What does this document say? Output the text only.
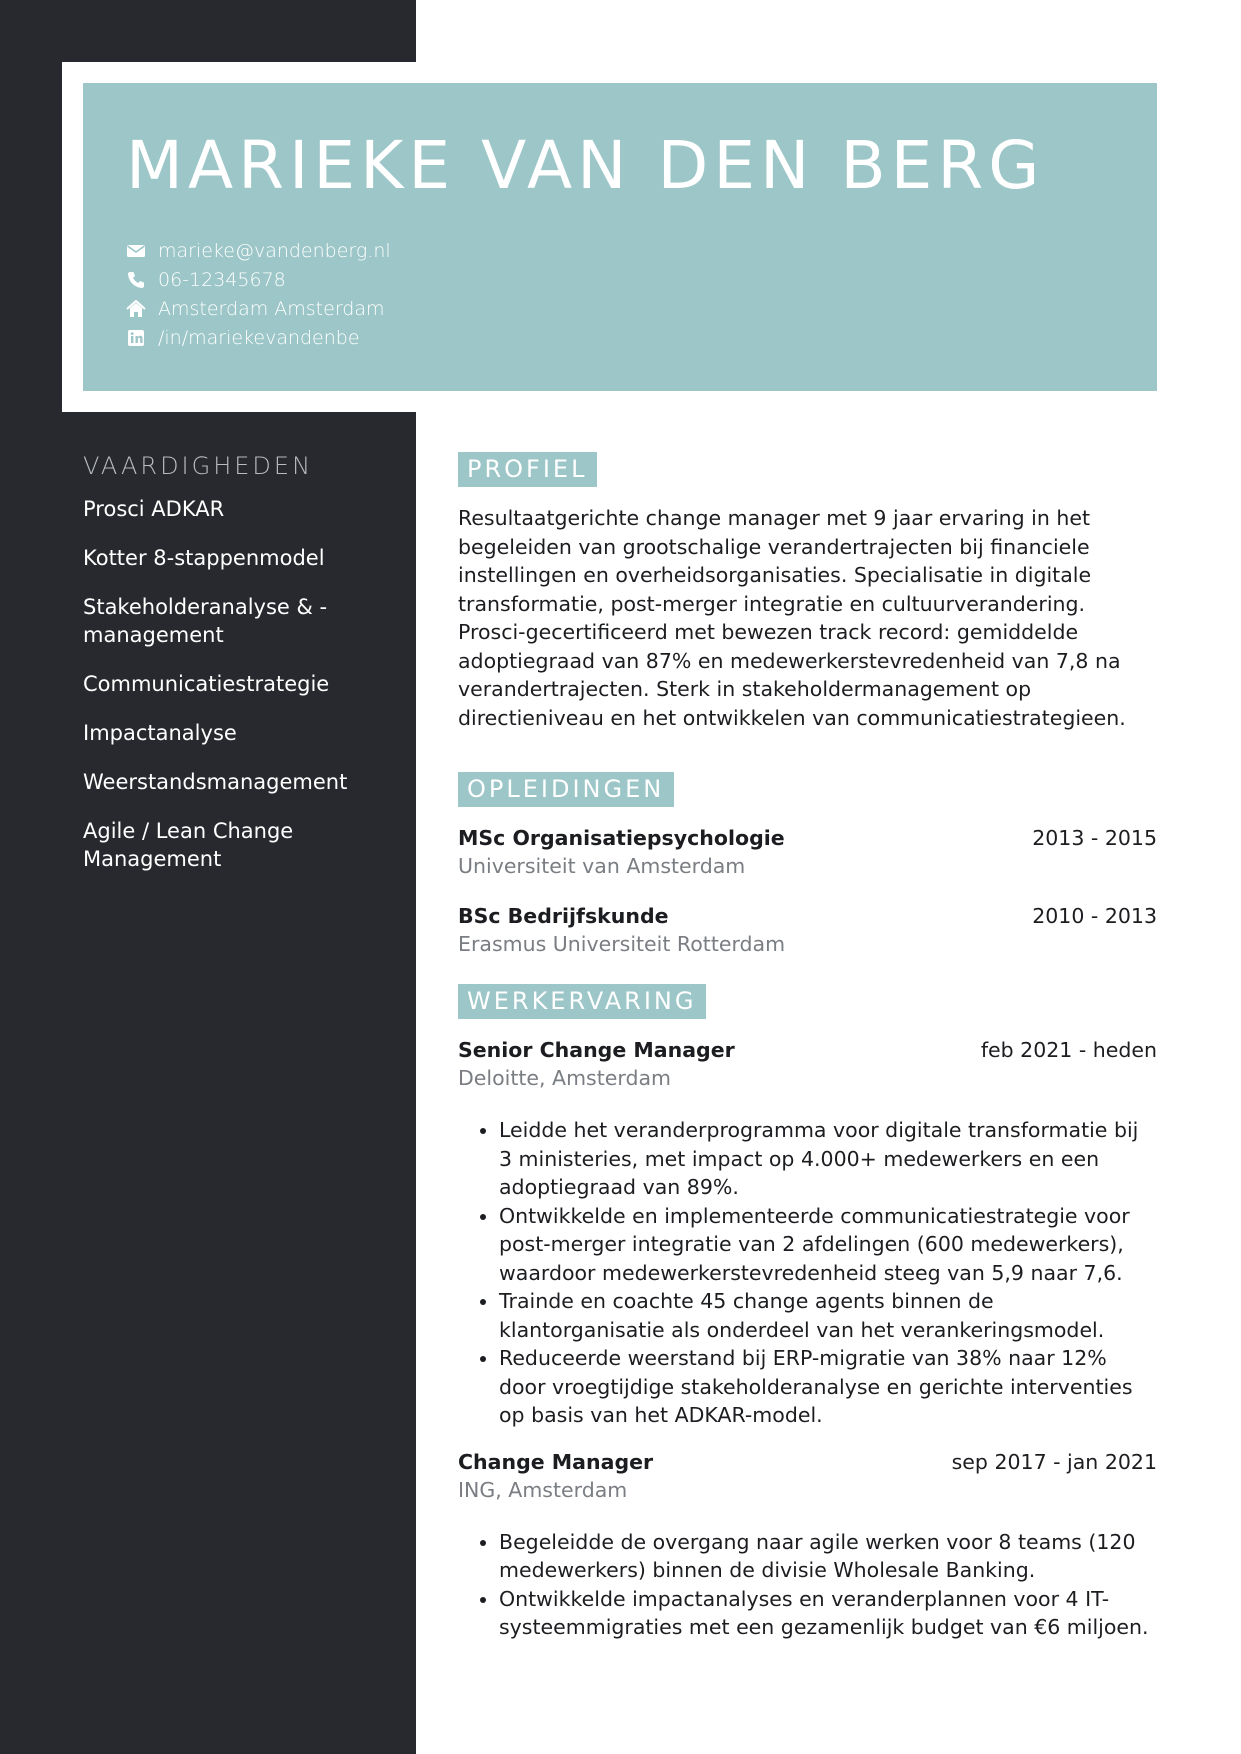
MARIEKE VAN DEN BERG
marieke@vandenberg.nl
06-12345678
Amsterdam Amsterdam
/in/mariekevandenbe
VAARDIGHEDEN
Prosci ADKAR
Kotter 8-stappenmodel
Stakeholderanalyse & -management
Communicatiestrategie
Impactanalyse
Weerstandsmanagement
Agile / Lean Change Management
PROFIEL

Resultaatgerichte change manager met 9 jaar ervaring in het begeleiden van grootschalige verandertrajecten bij financiele instellingen en overheidsorganisaties. Specialisatie in digitale transformatie, post-merger integratie en cultuurverandering. Prosci-gecertificeerd met bewezen track record: gemiddelde adoptiegraad van 87% en medewerkerstevredenheid van 7,8 na verandertrajecten. Sterk in stakeholdermanagement op directieniveau en het ontwikkelen van communicatiestrategieen.

OPLEIDINGEN
MSc Organisatiepsychologie	2013 - 2015
Universiteit van Amsterdam
BSc Bedrijfskunde	2010 - 2013
Erasmus Universiteit Rotterdam
WERKERVARING
Senior Change Manager	feb 2021 - heden
Deloitte, Amsterdam
• Leidde het veranderprogramma voor digitale transformatie bij 3 ministeries, met impact op 4.000+ medewerkers en een adoptiegraad van 89%.
• Ontwikkelde en implementeerde communicatiestrategie voor post-merger integratie van 2 afdelingen (600 medewerkers), waardoor medewerkerstevredenheid steeg van 5,9 naar 7,6.
• Trainde en coachte 45 change agents binnen de klantorganisatie als onderdeel van het verankeringsmodel.
• Reduceerde weerstand bij ERP-migratie van 38% naar 12% door vroegtijdige stakeholderanalyse en gerichte interventies op basis van het ADKAR-model.
Change Manager	sep 2017 - jan 2021
ING, Amsterdam
• Begeleidde de overgang naar agile werken voor 8 teams (120 medewerkers) binnen de divisie Wholesale Banking.
• Ontwikkelde impactanalyses en veranderplannen voor 4 IT-systeemmigraties met een gezamenlijk budget van €6 miljoen.
